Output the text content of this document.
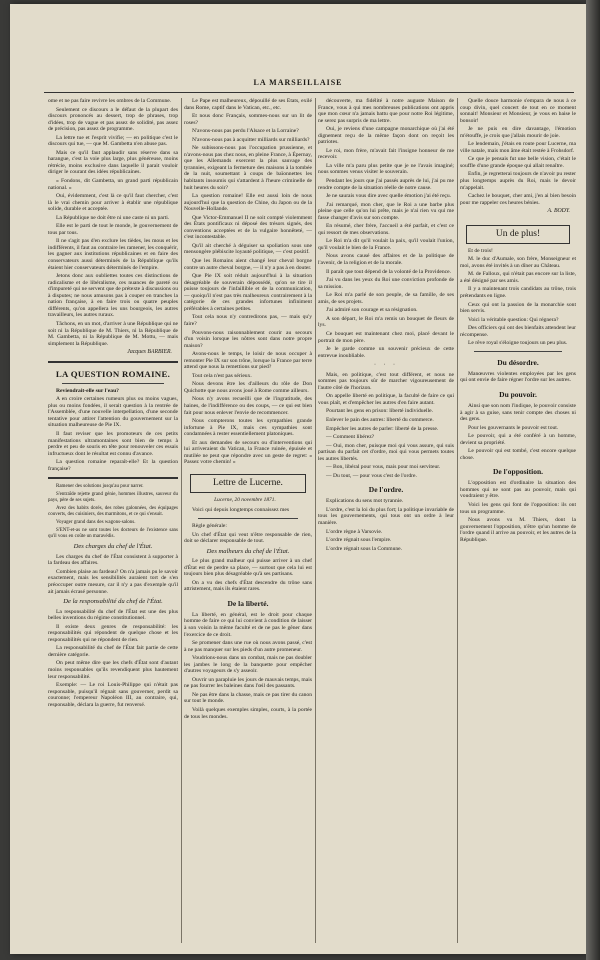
LA MARSEILLAISE

ome et ne pas faire revivre les ombres de la Commune.

Seulement ce discours a le défaut de la plupart des discours prononcés au dessert, trop de phrases, trop d'idées, trop de vague et pas assez de solidité, pas assez de précision, pas assez de programme.

La lettre tue et l'esprit vivifie; — en politique c'est le discours qui tue, — que M. Gambetta n'en abuse pas.

Mais ce qu'il faut applaudir sans réserve dans sa harangue, c'est la voie plus large, plus généreuse, moins rétrécie, moins exclusive dans laquelle il parait vouloir diriger le courant des idées républicaines.

« Fondons, dit Gambetta, un grand parti républicain national. »

Oui, évidemment, c'est là ce qu'il faut chercher, c'est là le vrai chemin pour arriver à établir une république solide, durable et acceptée.

La République ne doit être ni une caste ni un parti.

Elle est le parti de tout le monde, le gouvernement de tous par tous.

Il ne s'agit pas d'en exclure les tièdes, les mous et les indifférents, il faut au contraire les ramener, les conquérir, les gagner aux institutions républicaines et en faire des conservateurs aussi déterminés de la République qu'ils étaient hier conservateurs déterminés de l'empire.

Jetons donc aux oubliettes toutes ces distinctions de radicalisme et de libéralisme, ces nuances de pareté ou d'impureté qui ne servent que de prétexte à discussions ou à disputes; ne nous amusons pas à couper en tranches la nation française, à en faire trois ou quatre peuples différents, qu'on appellera les uns bourgeois, les autres travailleurs, les autres ruraux.

Tâchons, en un mot, d'arriver à une République qui ne soit ni la République de M. Thiers, ni la République de M. Gambetta, ni la République de M. Mottu, — mais simplement la République.

Jacques BARBIER.
LA QUESTION ROMAINE.

Reviendrait-elle sur l'eau?

A en croire certaines rumeurs plus ou moins vagues, plus ou moins fondées, il serait question à la rentrée de l'Assemblée, d'une nouvelle interpellation, d'une seconde tentative pour attirer l'attention du gouvernement sur la situation malheureuse de Pie IX.

Il faut reviser que les promoteurs de ces petits manifestations ultramontaines sont bien de temps à perdre et peu de souris en tête pour renouveler ces essais infructueux dont le résultat est connu d'avance.

La question romaine reparaît-elle? Et la question française?

Ramener des solutions jusqu'au pour narrer.

S'entraîde rejette grand génie, hommes illustres, sauveur du pays, père de ses sujets.

Avez des habits dorés, des robes galonnées, des équipages couverts, des cuisiniers, des marmitons, et ce qui s'ensuit.

Voyager grand dans des wagons-salons.

S'ENT-et-as ne sont toutes les docteurs de l'existence sans qu'il vous en coûte un maravédis.

Des charges du chef de l'État.

Les charges du chef de l'État consistent à supporter à la fardeau des affaires.

Combien plaise au fardeau? On n'a jamais pu le savoir exactement, mais les sensibilités auraient tort de s'en préoccuper outre mesure, car il n'y a pas d'exemple qu'il ait jamais écrasé personne.

De la responsabilité du chef de l'État.

La responsabilité du chef de l'État est une des plus belles inventions du régime constitutionnel.

Il existe deux genres de responsabilité: les responsabilités qui répondent de quelque chose et les responsabilités qui ne répondent de rien.

La responsabilité du chef de l'État fait partie de cette dernière catégorie.

On peut même dire que les chefs d'État sont d'autant moins responsables qu'ils revendiquent plus hautement leur responsabilité.

Exemple: — Le roi Louis-Philippe qui n'était pas responsable, puisqu'il régnait sans gouverner, perdit sa couronne; l'empereur Napoléon III, au contraire, qui, responsable, déclara la guerre, fut renversé.

Le Pape est malheureux, dépouillé de ses États, exilé dans Rome, captif dans le Vatican, etc., etc.

Et nous donc Français, sommes-nous sur un lit de roses?

N'avons-nous pas perdu l'Alsace et la Lorraine?

N'avons-nous pas à acquitter milliards sur milliards?

Ne subissons-nous pas l'occupation prussienne, et n'avons-nous pas chez nous, en pleine France, à Épernay, que les Allemands exercent la plus sauvage des tyrannies, exigeant la fermeture des maisons à la tombée de la nuit, soumettant à coups de baïonnettes les habitants insoumis qui s'attardent à l'heure criminelle de huit heures du soir?

La question romaine! Elle est aussi loin de nous aujourd'hui que la question de Chine, du Japon ou de la Nouvelle-Hollande.

Que Victor-Emmanuel II ne soit compté violemment des États pontificaux ni déposé des trésors signés, des conventions acceptées et de la vulgaire honnêteté, — c'est incontestable.

Qu'il ait cherché à déguiser sa spoliation sous une mensongère plébiscite loyauté politique, — c'est positif.

Que les Romains aient changé leur cheval borgne contre un autre cheval borgne, — il n'y a pas à en douter.

Que Pie IX soit réduit aujourd'hui à la situation désagréable de souverain dépossédé, qu'on se tire il puisse toujours de l'infaillible et de la communication, — quoiqu'il n'est pas très malheureux contrairement à la catégorie de ces grandes infortunes infiniment préférables à certaines petites.

Tout cela nous n'y contredirons pas, — mais qu'y faire?

Pouvons-nous raisonnablement courir au secours d'un voisin lorsque les nôtres sont dans notre propre maison?

Avons-nous le temps, le loisir de nous occuper à remonter Pie IX sur son trône, lorsque la France par terre attend que nous la remettions sur pied?

Tout cela n'est pas sérieux.

Nous devons être les d'ailleurs du rôle de Don Quichotte que nous avons joué à Rome comme ailleurs.

Nous n'y avons recueilli que de l'ingratitude, des haines, de l'indifférence ou des coups, — ce qui est bien fait pour nous enlever l'envie de recommencer.

Nous compterons toutes les sympathies grande infortune à Pie IX, mais ces sympathies sont condamnées à rester essentiellement platoniques.

Et aux demandes de secours ou d'interventions qui lui arriveraient du Vatican, la France ruinée, épuisée et mutilée ne peut que répondre avec un geste de regret: « Passez votre chemin! »

Lettre de Lucerne.
Lucerne, 20 novembre 1871.

Voici qui depuis longtemps connaissez mes

Règle générale:

Un chef d'État qui veut n'être responsable de rien, doit se déclarer responsable de tout.

Des malheurs du chef de l'État.

Le plus grand malheur qui puisse arriver à un chef d'État est de perdre sa place, — surtout que cela lui est toujours bien plus désagréable qu'à ses partisans.

On a vu des chefs d'État descendre du trône sans attristement, mais ils étaient rares.

De la liberté.

La liberté, en général, est le droit pour chaque homme de faire ce qui lui convient à condition de laisser à son voisin la même faculté et de ne pas le gêner dans l'exercice de ce droit.

Se promener dans une rue où nous avons passé, c'est à ne pas manquer sur les pieds d'un autre promeneur.

Voudrions-nous dans un combat, mais ne pas doubler les jambes le long de la banquette pour empêcher d'autres voyageurs de s'y asseoir.

Ouvrir un parapluie les jours de mauvais temps, mais ne pas fourrer les baleines dans l'œil des passants.

Ne pas être dans la chasse, mais ce pas tirer du canon sur tout le monde.

Voilà quelques exemples simples, courts, à la portée de tous les mondes.

découverte, ma fidélité à notre auguste Maison de France, vous à qui mes nombreuses publications ont appris que mon cœur n'a jamais battu que pour notre Roi légitime, ne serez pas surpris de ma lettre.

Oui, je reviens d'une campagne monarchique où j'ai été dignement reçu de la même façon dont on reçoit les patriotes.

Le roi, mon frère, m'avait fait l'insigne honneur de me recevoir.

La ville m'a paru plus petite que je ne l'avais imaginé; nous sommes venus visiter le souverain.

Pendant les jours que j'ai passés auprès de lui, j'ai pu me rendre compte de la situation réelle de notre cause.

Je ne saurais vous dire avec quelle émotion j'ai été reçu.

J'ai remarqué, mon cher, que le Roi a une barbe plus pleine que celle qu'on lui prête, mais je n'ai rien vu qui me fasse changer d'avis sur son compte.

En résumé, cher frère, l'accueil a été parfait, et c'est ce qui ressort de mes observations.

Le Roi m'a dit qu'il voulait la paix, qu'il voulait l'union, qu'il voulait le bien de la France.

Nous avons causé des affaires et de la politique de l'avenir, de la religion et de la morale.

Il paraît que tout dépend de la volonté de la Providence.

J'ai vu dans les yeux du Roi une conviction profonde de sa mission.

Le Roi m'a parlé de son peuple, de sa famille, de ses amis, de ses projets.

J'ai admiré son courage et sa résignation.

A son départ, le Roi m'a remis un bouquet de fleurs de lys.

Ce bouquet est maintenant chez moi, placé devant le portrait de mon père.

Je le garde comme un souvenir précieux de cette entrevue inoubliable.

· · ·

Mais, en politique, c'est tout différent, et nous ne sommes pas toujours sûr de marcher vigoureusement de l'autre côté de l'horizon.

On appelle liberté en politique, la faculté de faire ce qui vous plaît, et d'empêcher les autres d'en faire autant.

Pourtant les gens en prison: liberté individuelle.

Enlever le pain des autres: liberté du commerce.

Empêcher les autres de parler: liberté de la presse.

— Comment libérez?

— Oui, mon cher, puisque moi qui vous assure, qui suis partisan du parfait cet d'ordre, moi qui vous permets toutes les autres libertés.

— Bon, libéral pour vous, mais pour moi serviteur.

— Du tout, — pour vous c'est de l'ordre.

De l'ordre.

Explications du sens mot tyrannie.

L'ordre, c'est la loi du plus fort; la politique invariable de tous les gouvernements, qui tous ont un ordre à leur manière.

L'ordre règne à Varsovie.

L'ordre régnait sous l'empire.

L'ordre régnait sous la Commune.

Quelle douce harmonie s'empara de nous à ce coup divin, quel concert de tout en ce moment sonnait! Monsieur et Monsieur, je vous en baise le bonsoir!

Je ne puis en dire davantage, l'émotion m'étouffe, je crois que j'allais mourir de joie.

Le lendemain, j'étais en route pour Lucerne, ma ville natale, mais mon âme était restée à Frohsdorf.

Ce que je pensais fut une belle vision, c'était le souffle d'une grande époque qui allait renaître.

Enfin, je regretterai toujours de n'avoir pu rester plus longtemps auprès du Roi, mais le devoir m'appelait.

Cachez le bouquet, cher ami, j'en ai bien besoin pour me rappeler ces heures bénies.

A. BODY.
Un de plus!

Et de trois!

M. le duc d'Aumale, son frère, Monseigneur et moi, avons été invités à un dîner au Château.

M. de Falloux, qui n'était pas encore sur la liste, a été désigné par ses amis.

Il y a maintenant trois candidats au trône, trois prétendants en ligne.

Ceux qui ont la passion de la monarchie sont bien servis.

Voici la véritable question: Qui régnera?

Des officiers qui ont des bienfaits attendent leur récompense.

Le rêve royal s'éloigne toujours un peu plus.

Du désordre.

Manœuvres violentes employées par les gens qui ont envie de faire régner l'ordre sur les autres.

Du pouvoir.

Ainsi que son nom l'indique, le pouvoir consiste à agir à sa guise, sans tenir compte des choses ni des gens.

Pour les gouvernants le pouvoir est tout.

Le pouvoir, qui a été conféré à un homme, devient sa propriété.

Le pouvoir qui est tombé, c'est encore quelque chose.

De l'opposition.

L'opposition est d'ordinaire la situation des hommes qui ne sont pas au pouvoir, mais qui voudraient y être.

Voici les gens qui font de l'opposition: ils ont tous un programme.

Nous avons vu M. Thiers, dont la gouvernement l'opposition, n'être qu'un homme de l'ordre quand il arrive au pouvoir, et les autres de la République.
